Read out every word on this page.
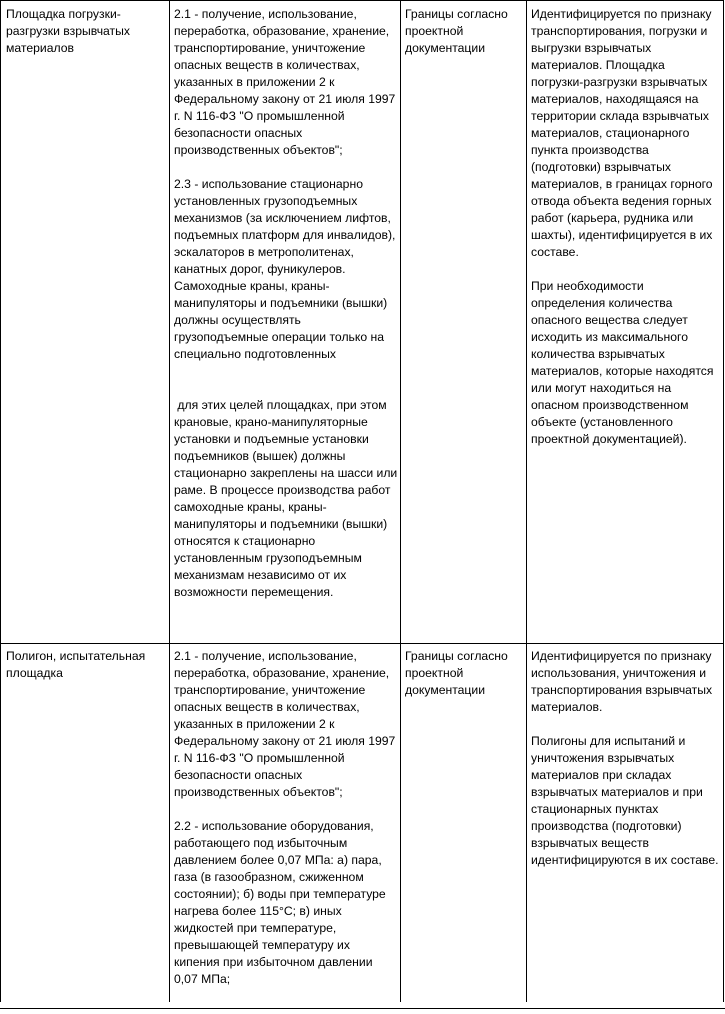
Площадка погрузки-разгрузки взрывчатых материалов

2.1 - получение, использование, переработка, образование, хранение, транспортирование, уничтожение опасных веществ в количествах, указанных в приложении 2 к Федеральному закону от 21 июля 1997 г. N 116-ФЗ "О промышленной безопасности опасных производственных объектов";

2.3 - использование стационарно установленных грузоподъемных механизмов (за исключением лифтов, подъемных платформ для инвалидов), эскалаторов в метрополитенах, канатных дорог, фуникулеров. Самоходные краны, краны-манипуляторы и подъемники (вышки) должны осуществлять грузоподъемные операции только на специально подготовленных

для этих целей площадках, при этом крановые, крано-манипуляторные установки и подъемные установки подъемников (вышек) должны стационарно закреплены на шасси или раме. В процессе производства работ самоходные краны, краны-манипуляторы и подъемники (вышки) относятся к стационарно установленным грузоподъемным механизмам независимо от их возможности перемещения.

Границы согласно проектной документации

Идентифицируется по признаку транспортирования, погрузки и выгрузки взрывчатых материалов. Площадка погрузки-разгрузки взрывчатых материалов, находящаяся на территории склада взрывчатых материалов, стационарного пункта производства (подготовки) взрывчатых материалов, в границах горного отвода объекта ведения горных работ (карьера, рудника или шахты), идентифицируется в их составе.

При необходимости определения количества опасного вещества следует исходить из максимального количества взрывчатых материалов, которые находятся или могут находиться на опасном производственном объекте (установленного проектной документацией).

Полигон, испытательная площадка

2.1 - получение, использование, переработка, образование, хранение, транспортирование, уничтожение опасных веществ в количествах, указанных в приложении 2 к Федеральному закону от 21 июля 1997 г. N 116-ФЗ "О промышленной безопасности опасных производственных объектов";

2.2 - использование оборудования, работающего под избыточным давлением более 0,07 МПа: а) пара, газа (в газообразном, сжиженном состоянии); б) воды при температуре нагрева более 115°С; в) иных жидкостей при температуре, превышающей температуру их кипения при избыточном давлении 0,07 МПа;

Границы согласно проектной документации

Идентифицируется по признаку использования, уничтожения и транспортирования взрывчатых материалов.

Полигоны для испытаний и уничтожения взрывчатых материалов при складах взрывчатых материалов и при стационарных пунктах производства (подготовки) взрывчатых веществ идентифицируются в их составе.
